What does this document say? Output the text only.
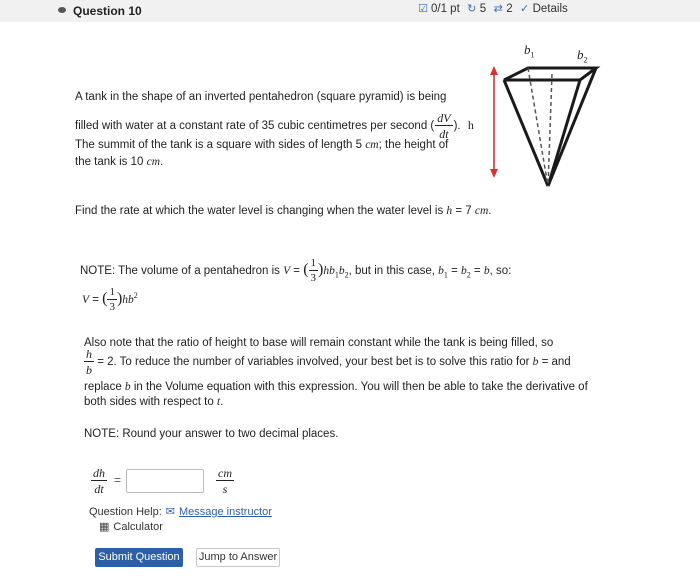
Question 10	☑ 0/1 pt ↻ 5 ⇄ 2 ✓ Details
$b_1$	$b_2$
A tank in the shape of an inverted pentahedron (square pyramid) is being
filled with water at a constant rate of 35 cubic centimetres per second ( $\frac{dV}{dt}$ ). h
The summit of the tank is a square with sides of length 5 cm; the height of
the tank is 10 cm.
Find the rate at which the water level is changing when the water level is h = 7 cm.
NOTE: The volume of a pentahedron is V = ( $\frac{1}{3} )hb_1b_2$, but in this case, $b_1 = b_2 = b$, so:
V = ( $\frac{1}{3} )hb^2$
Also note that the ratio of height to base will remain constant while the tank is being filled, so
$\frac{h}{b} = 2$. To reduce the number of variables involved, your best bet is to solve this ratio for b = and
replace b in the Volume equation with this expression. You will then be able to take the derivative of
both sides with respect to t.
NOTE: Round your answer to two decimal places.
$\frac{dh}{dt}$ =	$\frac{cm}{s}$
Question Help: ✉ Message instructor
▦ Calculator
Submit Question	Jump to Answer
